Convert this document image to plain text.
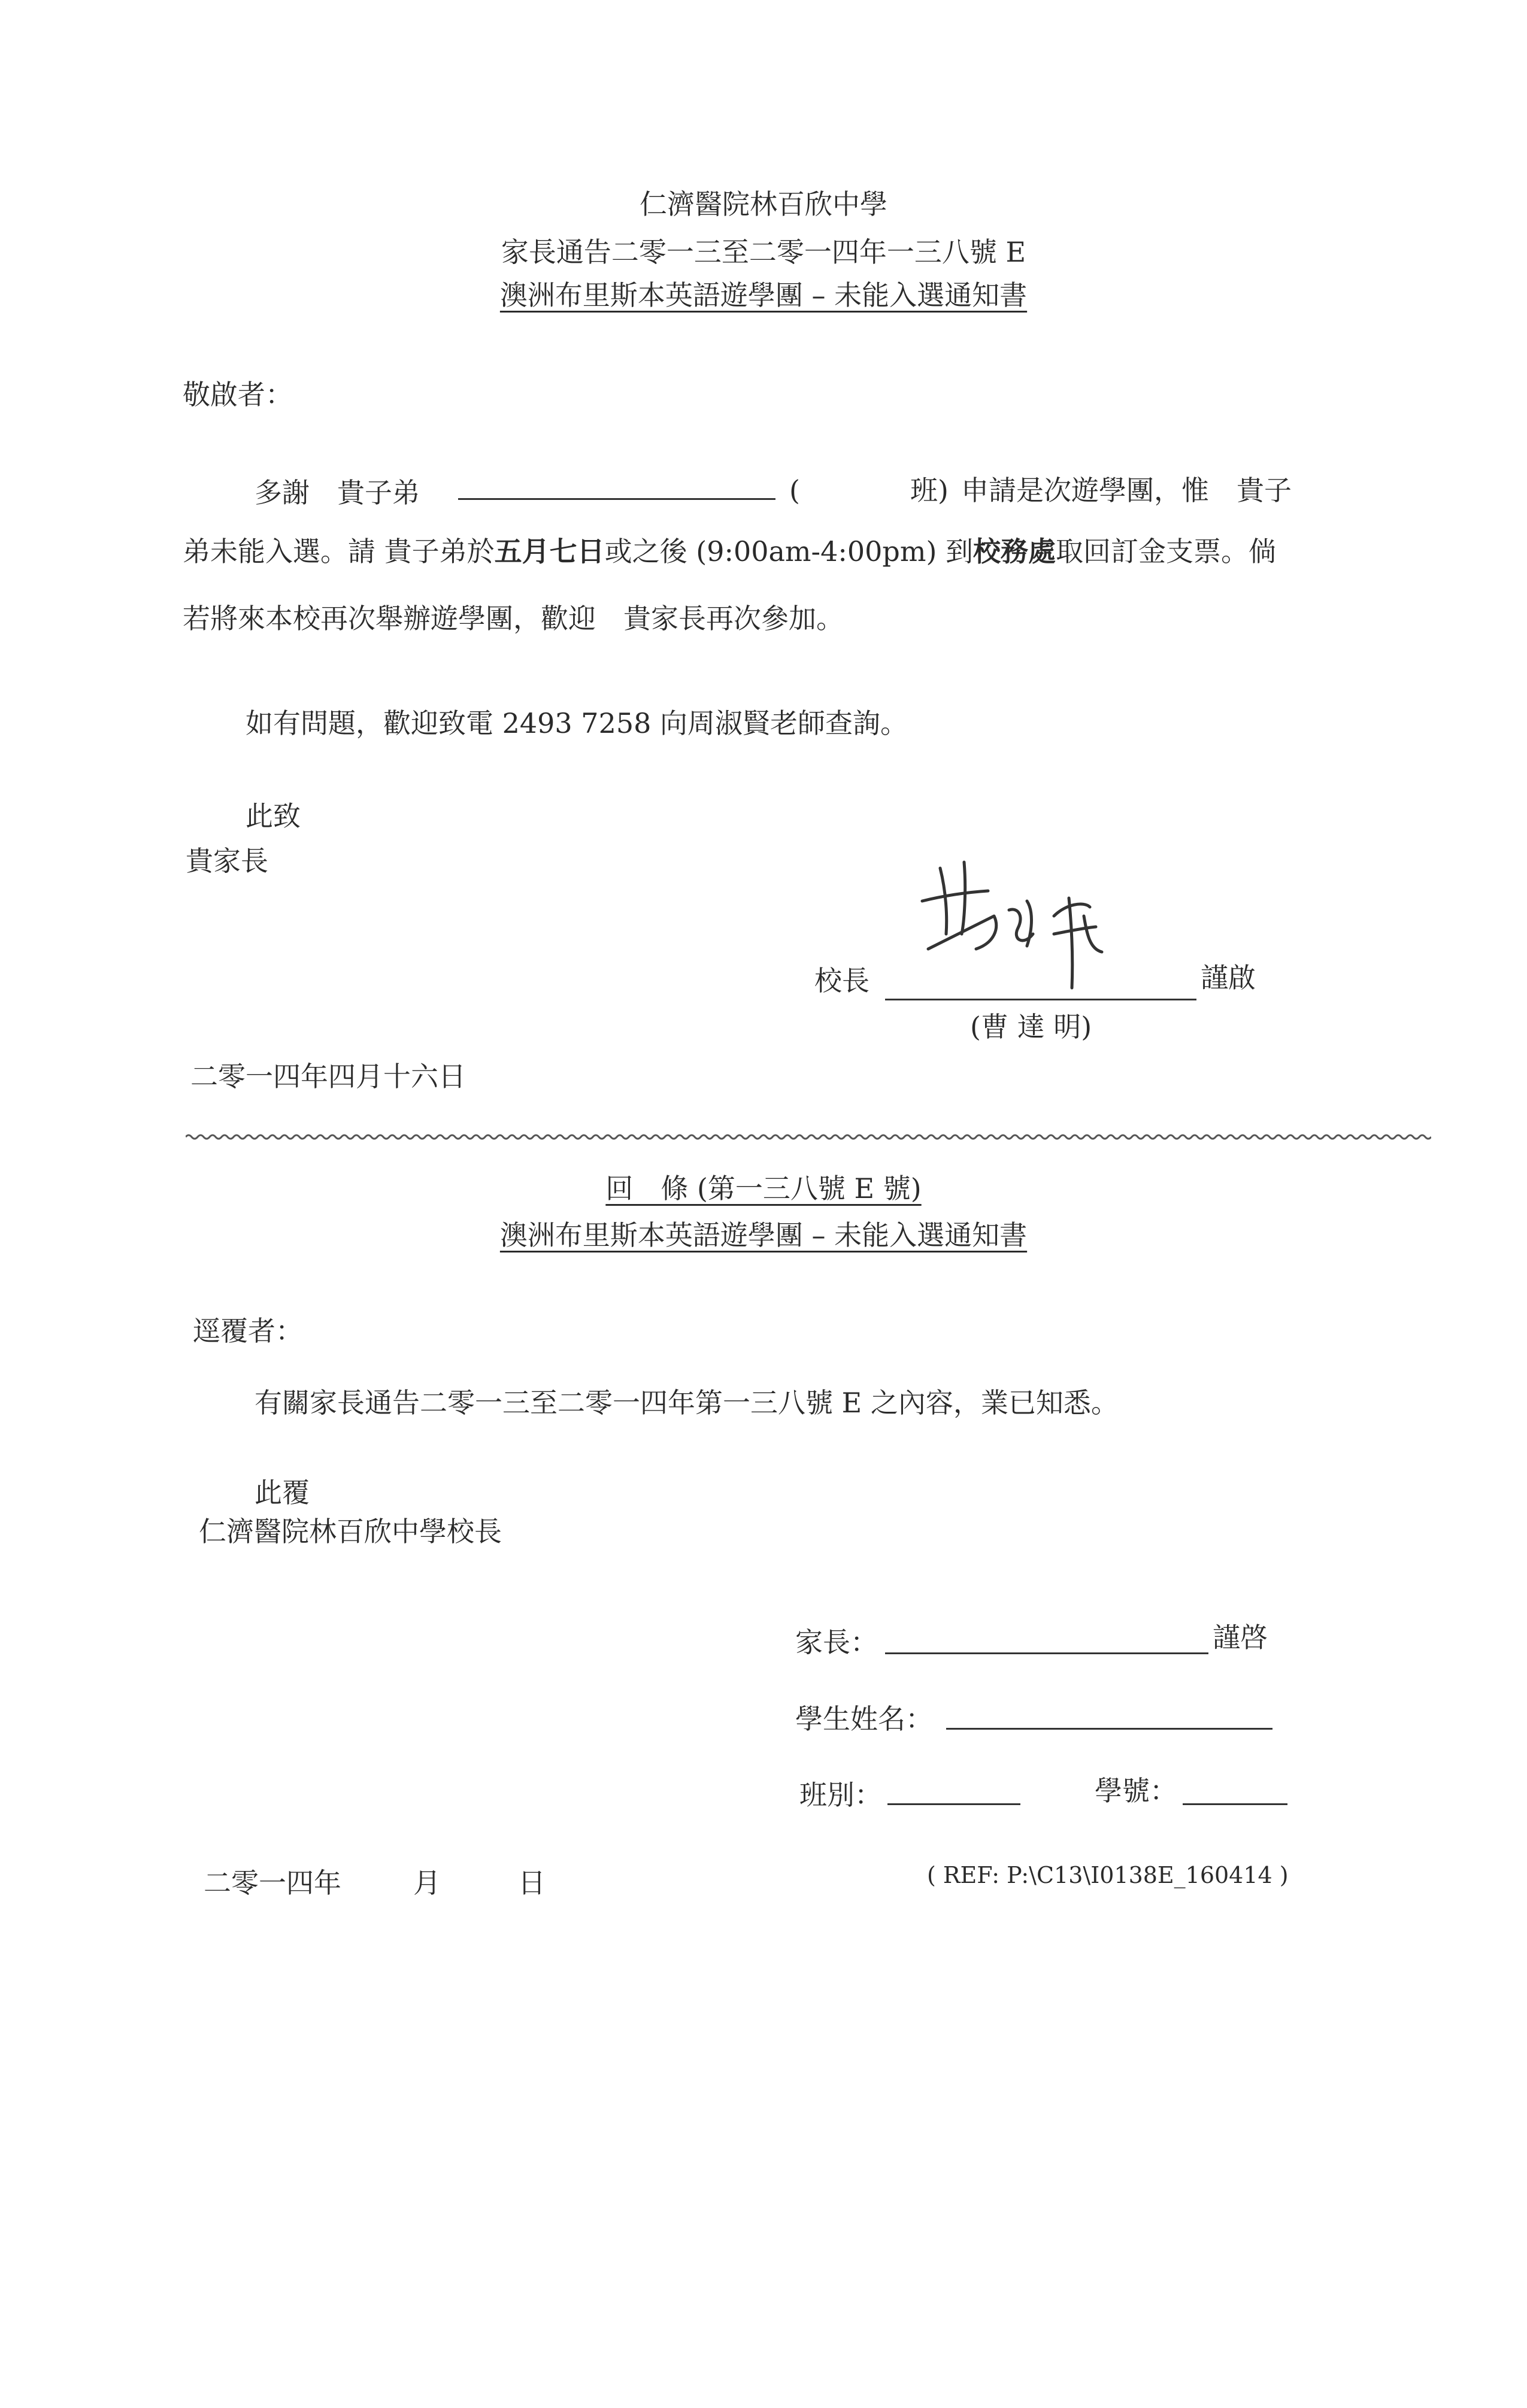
仁濟醫院林百欣中學
家長通告二零一三至二零一四年一三八號 E
澳洲布里斯本英語遊學團 – 未能入選通知書
敬啟者：
多謝　貴子弟	(	班) 申請是次遊學團，惟　貴子
弟未能入選。請 貴子弟於五月七日或之後 (9:00am-4:00pm) 到校務處取回訂金支票。倘
若將來本校再次舉辦遊學團，歡迎　貴家長再次參加。
如有問題，歡迎致電 2493 7258 向周淑賢老師查詢。
此致
貴家長
校長	謹啟
(曹 達 明)
二零一四年四月十六日
回　條 (第一三八號 E 號)
澳洲布里斯本英語遊學團 – 未能入選通知書
逕覆者：
有關家長通告二零一三至二零一四年第一三八號 E 之內容，業已知悉。
此覆
仁濟醫院林百欣中學校長
家長：	謹啓
學生姓名：
班別：	學號：
二零一四年	月	日	( REF: P:\C13\I0138E_160414 )
